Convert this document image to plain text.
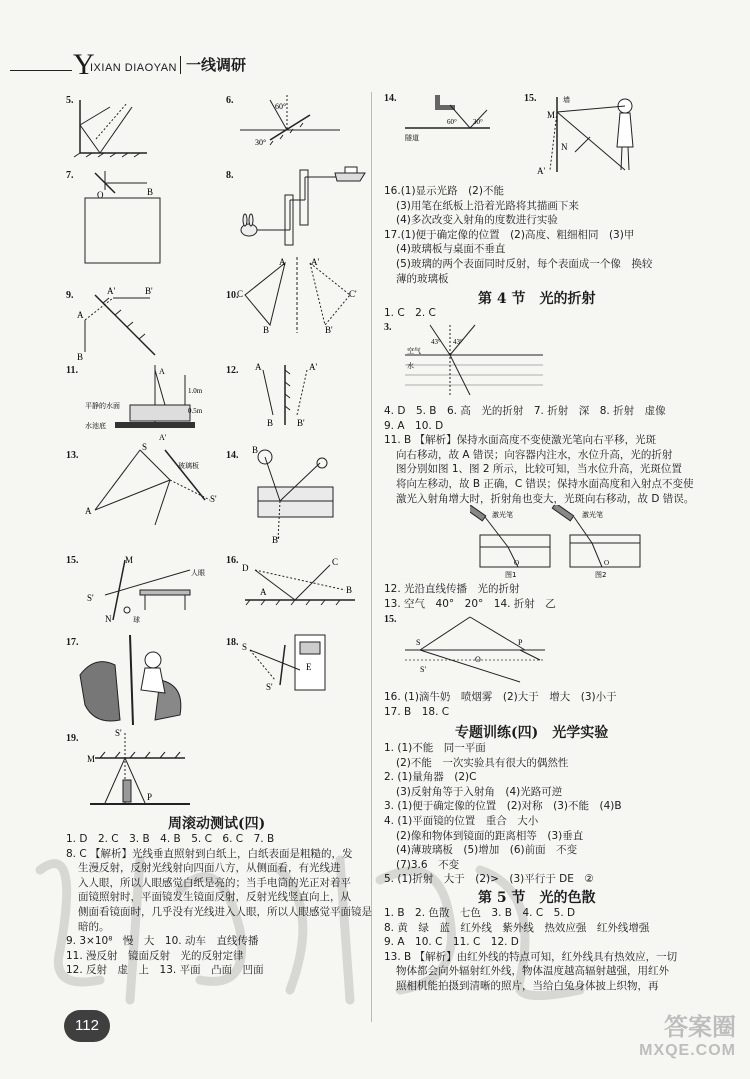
Y
IXIAN DIAOYAN 一线调研
5.	6.
60°
30°
7.
B
O
8.
9.
A
B
A'	B'	10.
A	A'
C	C'
B	B'
11.
平静的水面
水池底
1.0m
0.5m
A
A'
12. A
B
A'
B'
13.
S
S'
A
玻璃板
14. B
B'
15.	M
N
S'
人眼
球
16.
D
C
B
A
17.	18. S
S'
E
19.	S'
M
P
周滚动测试(四)
1. D　2. C　3. B　4. B　5. C　6. C　7. B
8. C 【解析】光线垂直照射到白纸上，白纸表面是粗糙的，发
生漫反射，反射光线射向四面八方，从侧面看，有光线进
入人眼，所以人眼感觉白纸是亮的；当手电筒的光正对着平
面镜照射时，平面镜发生镜面反射，反射光线竖直向上，从
侧面看镜面时，几乎没有光线进入人眼，所以人眼感觉平面镜是
暗的。
9. 3×10⁸　慢　大　10. 动车　直线传播
11. 漫反射　镜面反射　光的反射定律
12. 反射　虚　上　13. 平面　凸面　凹面
14.
60° 30°
隧道
15.
M
N
A'
墙
16.(1)显示光路　(2)不能
(3)用笔在纸板上沿着光路将其描画下来
(4)多次改变入射角的度数进行实验
17.(1)便于确定像的位置　(2)高度、粗细相同　(3)甲
(4)玻璃板与桌面不垂直
(5)玻璃的两个表面同时反射，每个表面成一个像　换较
薄的玻璃板
第 4 节　光的折射
1. C　2. C
3.
43° 43°
空气
水
4. D　5. B　6. 高　光的折射　7. 折射　深　8. 折射　虚像
9. A　10. D
11. B 【解析】保持水面高度不变使激光笔向右平移，光斑
向右移动，故 A 错误；向容器内注水，水位升高，光的折射
图分别如图 1、图 2 所示，比较可知，当水位升高，光斑位置
将向左移动，故 B 正确，C 错误；保持水面高度和入射点不变使
激光入射角增大时，折射角也变大，光斑向右移动，故 D 错误。
激光笔
O
图1
激光笔
O
图2
12. 光沿直线传播　光的折射
13. 空气　40°　20°　14. 折射　乙
15.
S
O
P
S'
16. (1)滴牛奶　喷烟雾　(2)大于　增大　(3)小于
17. B　18. C
专题训练(四)　光学实验
1. (1)不能　同一平面
(2)不能　一次实验具有很大的偶然性
2. (1)量角器　(2)C
(3)反射角等于入射角　(4)光路可逆
3. (1)便于确定像的位置　(2)对称　(3)不能　(4)B
4. (1)平面镜的位置　重合　大小
(2)像和物体到镜面的距离相等　(3)垂直
(4)薄玻璃板　(5)增加　(6)前面　不变
(7)3.6　不变
5. (1)折射　大于　(2)>　(3)平行于 DE　②
第 5 节　光的色散
1. B　2. 色散　七色　3. B　4. C　5. D
8. 黄　绿　蓝　红外线　紫外线　热效应强　红外线增强
9. A　10. C　11. C　12. D
13. B 【解析】由红外线的特点可知，红外线具有热效应，一切
物体都会向外辐射红外线，物体温度越高辐射越强，用红外
照相机能拍摄到清晰的照片，当给白兔身体披上织物，再
112	答案圈
MXQE.COM
